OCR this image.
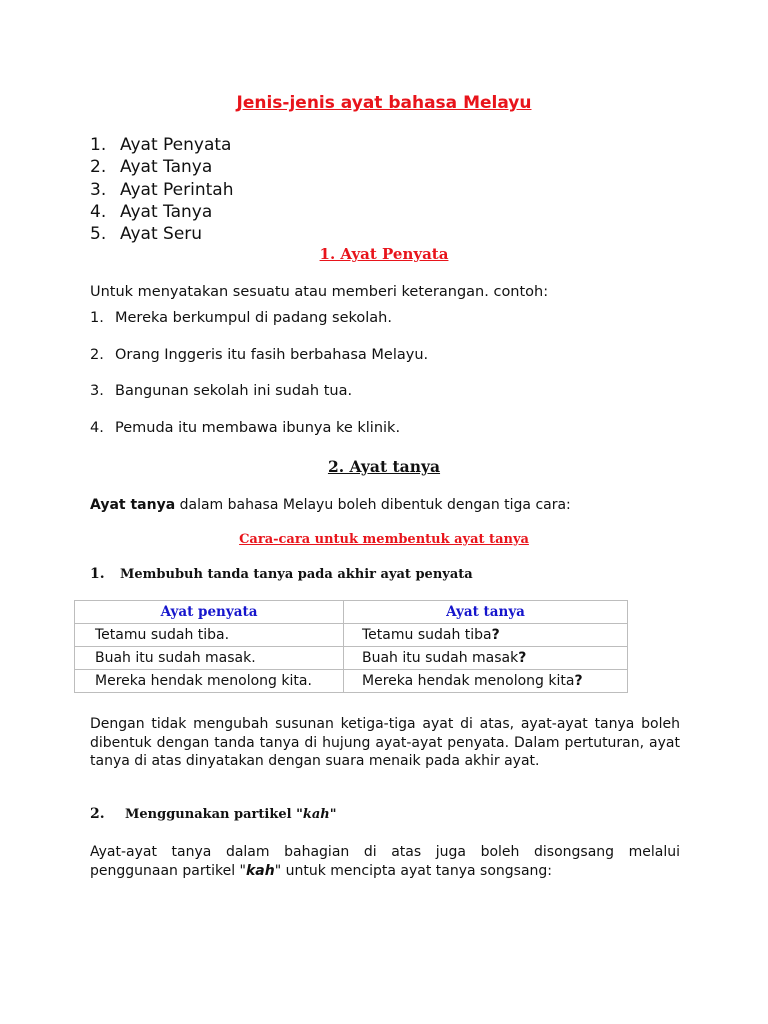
Jenis-jenis ayat bahasa Melayu
1. Ayat Penyata
2. Ayat Tanya
3. Ayat Perintah
4. Ayat Tanya
5. Ayat Seru
1. Ayat Penyata
Untuk menyatakan sesuatu atau memberi keterangan. contoh:
1. Mereka berkumpul di padang sekolah.
2. Orang Inggeris itu fasih berbahasa Melayu.
3. Bangunan sekolah ini sudah tua.
4. Pemuda itu membawa ibunya ke klinik.
2. Ayat tanya
Ayat tanya dalam bahasa Melayu boleh dibentuk dengan tiga cara:
Cara-cara untuk membentuk ayat tanya
1. Membubuh tanda tanya pada akhir ayat penyata
Ayat penyata	Ayat tanya
Tetamu sudah tiba.	Tetamu sudah tiba?
Buah itu sudah masak.	Buah itu sudah masak?
Mereka hendak menolong kita.	Mereka hendak menolong kita?
Dengan tidak mengubah susunan ketiga-tiga ayat di atas, ayat-ayat tanya boleh dibentuk dengan tanda tanya di hujung ayat-ayat penyata. Dalam pertuturan, ayat tanya di atas dinyatakan dengan suara menaik pada akhir ayat.
2. Menggunakan partikel "kah"
Ayat-ayat tanya dalam bahagian di atas juga boleh disongsang melalui penggunaan partikel "kah" untuk mencipta ayat tanya songsang:
